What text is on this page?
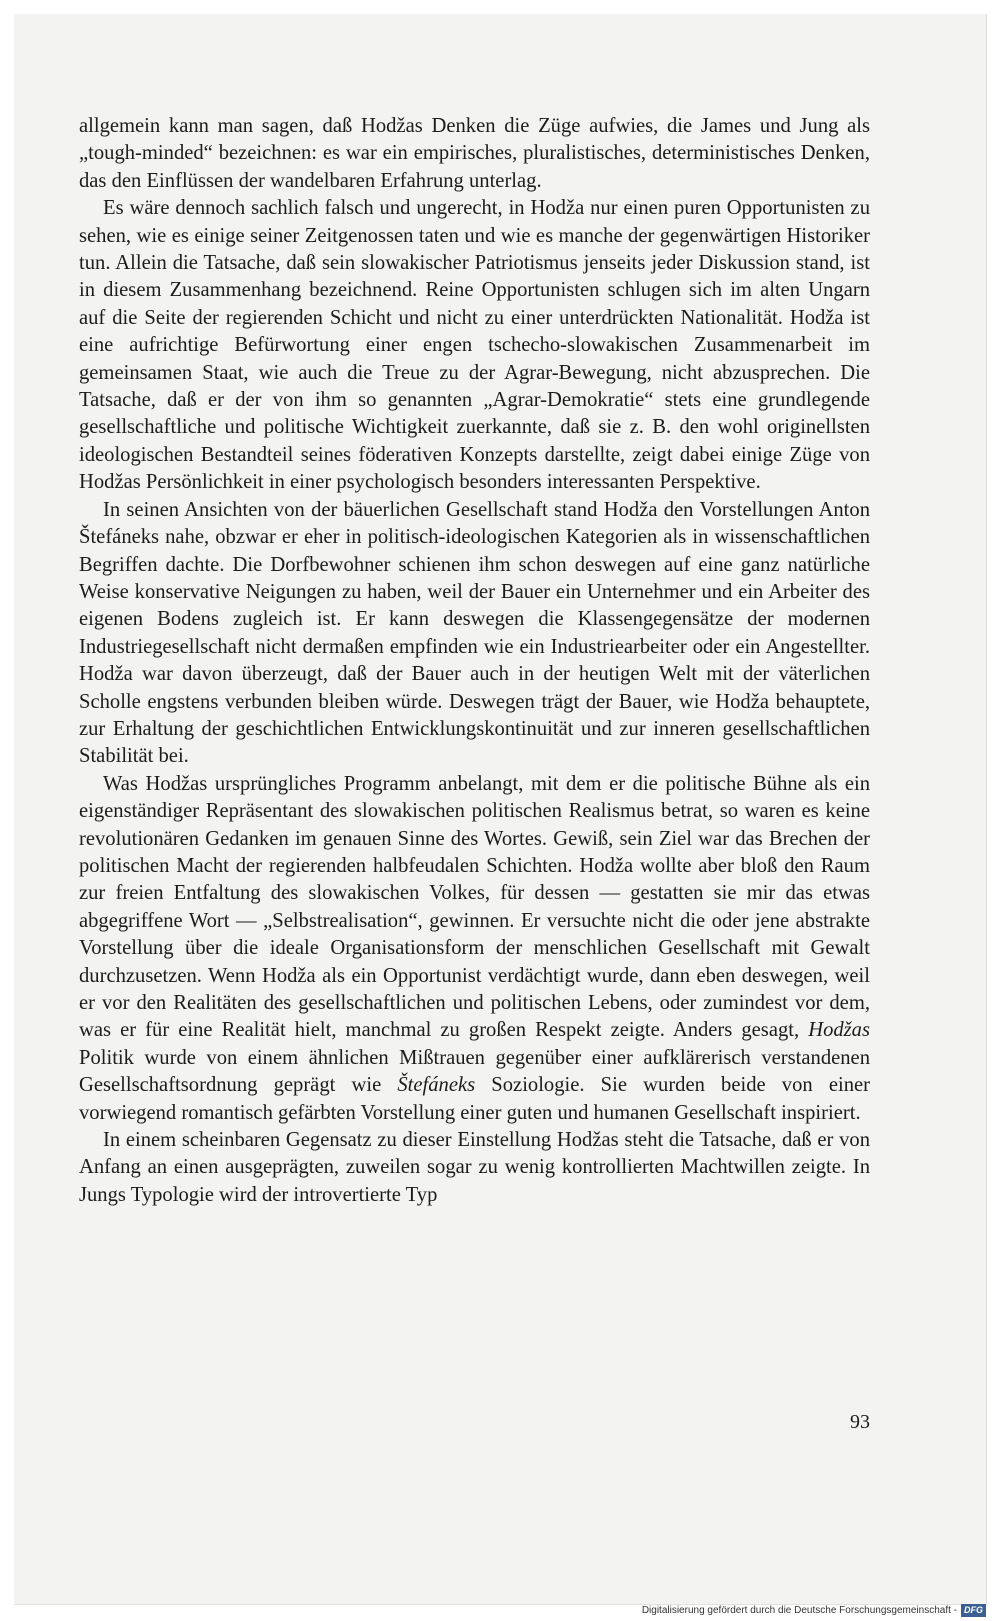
allgemein kann man sagen, daß Hodžas Denken die Züge aufwies, die James und Jung als „tough-minded“ bezeichnen: es war ein empirisches, pluralistisches, deterministisches Denken, das den Einflüssen der wandelbaren Erfahrung unterlag.

Es wäre dennoch sachlich falsch und ungerecht, in Hodža nur einen puren Opportunisten zu sehen, wie es einige seiner Zeitgenossen taten und wie es manche der gegenwärtigen Historiker tun. Allein die Tatsache, daß sein slowakischer Patriotismus jenseits jeder Diskussion stand, ist in diesem Zusammenhang bezeichnend. Reine Opportunisten schlugen sich im alten Ungarn auf die Seite der regierenden Schicht und nicht zu einer unterdrückten Nationalität. Hodža ist eine aufrichtige Befürwortung einer engen tschecho-slowakischen Zusammenarbeit im gemeinsamen Staat, wie auch die Treue zu der Agrar-Bewegung, nicht abzusprechen. Die Tatsache, daß er der von ihm so genannten „Agrar-Demokratie“ stets eine grundlegende gesellschaftliche und politische Wichtigkeit zuerkannte, daß sie z. B. den wohl originellsten ideologischen Bestandteil seines föderativen Konzepts darstellte, zeigt dabei einige Züge von Hodžas Persönlichkeit in einer psychologisch besonders interessanten Perspektive.

In seinen Ansichten von der bäuerlichen Gesellschaft stand Hodža den Vorstellungen Anton Štefáneks nahe, obzwar er eher in politisch-ideologischen Kategorien als in wissenschaftlichen Begriffen dachte. Die Dorfbewohner schienen ihm schon deswegen auf eine ganz natürliche Weise konservative Neigungen zu haben, weil der Bauer ein Unternehmer und ein Arbeiter des eigenen Bodens zugleich ist. Er kann deswegen die Klassengegensätze der modernen Industriegesellschaft nicht dermaßen empfinden wie ein Industriearbeiter oder ein Angestellter. Hodža war davon überzeugt, daß der Bauer auch in der heutigen Welt mit der väterlichen Scholle engstens verbunden bleiben würde. Deswegen trägt der Bauer, wie Hodža behauptete, zur Erhaltung der geschichtlichen Entwicklungskontinuität und zur inneren gesellschaftlichen Stabilität bei.

Was Hodžas ursprüngliches Programm anbelangt, mit dem er die politische Bühne als ein eigenständiger Repräsentant des slowakischen politischen Realismus betrat, so waren es keine revolutionären Gedanken im genauen Sinne des Wortes. Gewiß, sein Ziel war das Brechen der politischen Macht der regierenden halbfeudalen Schichten. Hodža wollte aber bloß den Raum zur freien Entfaltung des slowakischen Volkes, für dessen — gestatten sie mir das etwas abgegriffene Wort — „Selbstrealisation“, gewinnen. Er versuchte nicht die oder jene abstrakte Vorstellung über die ideale Organisationsform der menschlichen Gesellschaft mit Gewalt durchzusetzen. Wenn Hodža als ein Opportunist verdächtigt wurde, dann eben deswegen, weil er vor den Realitäten des gesellschaftlichen und politischen Lebens, oder zumindest vor dem, was er für eine Realität hielt, manchmal zu großen Respekt zeigte. Anders gesagt, Hodžas Politik wurde von einem ähnlichen Mißtrauen gegenüber einer aufklärerisch verstandenen Gesellschaftsordnung geprägt wie Štefáneks Soziologie. Sie wurden beide von einer vorwiegend romantisch gefärbten Vorstellung einer guten und humanen Gesellschaft inspiriert.

In einem scheinbaren Gegensatz zu dieser Einstellung Hodžas steht die Tatsache, daß er von Anfang an einen ausgeprägten, zuweilen sogar zu wenig kontrollierten Machtwillen zeigte. In Jungs Typologie wird der introvertierte Typ

93
Digitalisierung gefördert durch die Deutsche Forschungsgemeinschaft - DFG
